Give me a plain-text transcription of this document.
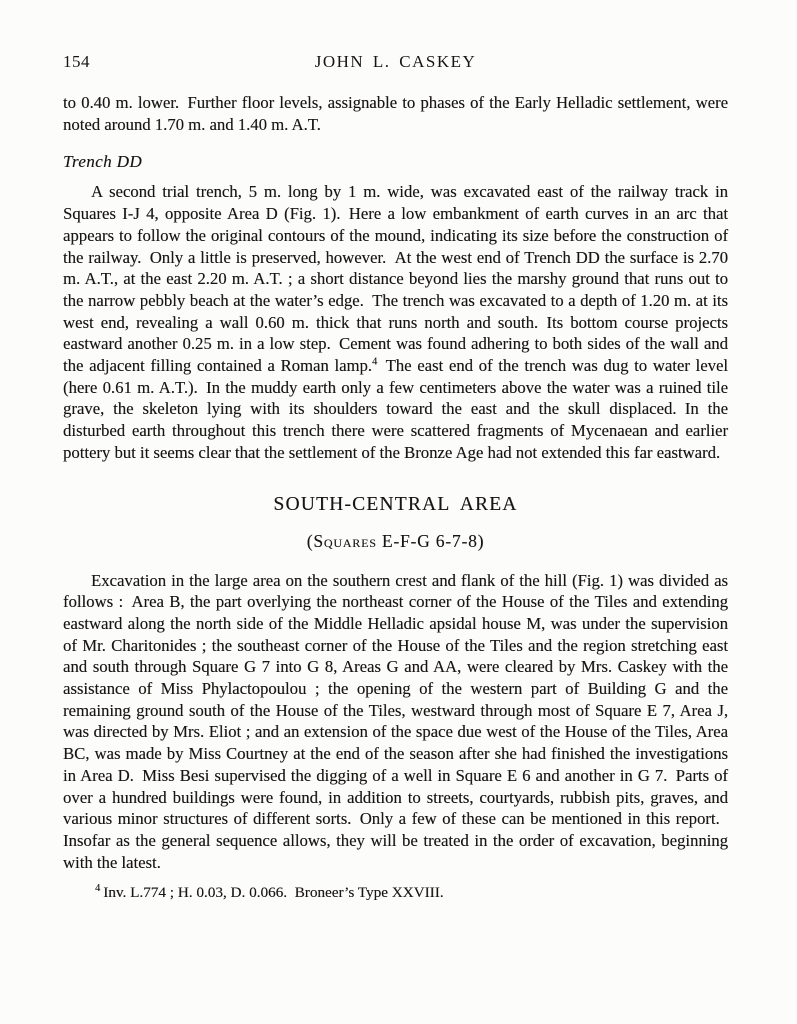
154	JOHN L. CASKEY

to 0.40 m. lower. Further floor levels, assignable to phases of the Early Helladic settlement, were noted around 1.70 m. and 1.40 m. A.T.

Trench DD

A second trial trench, 5 m. long by 1 m. wide, was excavated east of the railway track in Squares I-J 4, opposite Area D (Fig. 1). Here a low embankment of earth curves in an arc that appears to follow the original contours of the mound, indicating its size before the construction of the railway. Only a little is preserved, however. At the west end of Trench DD the surface is 2.70 m. A.T., at the east 2.20 m. A.T. ; a short distance beyond lies the marshy ground that runs out to the narrow pebbly beach at the water’s edge. The trench was excavated to a depth of 1.20 m. at its west end, revealing a wall 0.60 m. thick that runs north and south. Its bottom course projects eastward another 0.25 m. in a low step. Cement was found adhering to both sides of the wall and the adjacent filling contained a Roman lamp.$^4$ The east end of the trench was dug to water level (here 0.61 m. A.T.). In the muddy earth only a few centimeters above the water was a ruined tile grave, the skeleton lying with its shoulders toward the east and the skull displaced. In the disturbed earth throughout this trench there were scattered fragments of Mycenaean and earlier pottery but it seems clear that the settlement of the Bronze Age had not extended this far eastward.

SOUTH-CENTRAL AREA
(Squares E-F-G 6-7-8)

Excavation in the large area on the southern crest and flank of the hill (Fig. 1) was divided as follows : Area B, the part overlying the northeast corner of the House of the Tiles and extending eastward along the north side of the Middle Helladic apsidal house M, was under the supervision of Mr. Charitonides ; the southeast corner of the House of the Tiles and the region stretching east and south through Square G 7 into G 8, Areas G and AA, were cleared by Mrs. Caskey with the assistance of Miss Phylactopoulou ; the opening of the western part of Building G and the remaining ground south of the House of the Tiles, westward through most of Square E 7, Area J, was directed by Mrs. Eliot ; and an extension of the space due west of the House of the Tiles, Area BC, was made by Miss Courtney at the end of the season after she had finished the investigations in Area D. Miss Besi supervised the digging of a well in Square E 6 and another in G 7. Parts of over a hundred buildings were found, in addition to streets, courtyards, rubbish pits, graves, and various minor structures of different sorts. Only a few of these can be mentioned in this report. Insofar as the general sequence allows, they will be treated in the order of excavation, beginning with the latest.

$^4$ Inv. L.774 ; H. 0.03, D. 0.066. Broneer’s Type XXVIII.
